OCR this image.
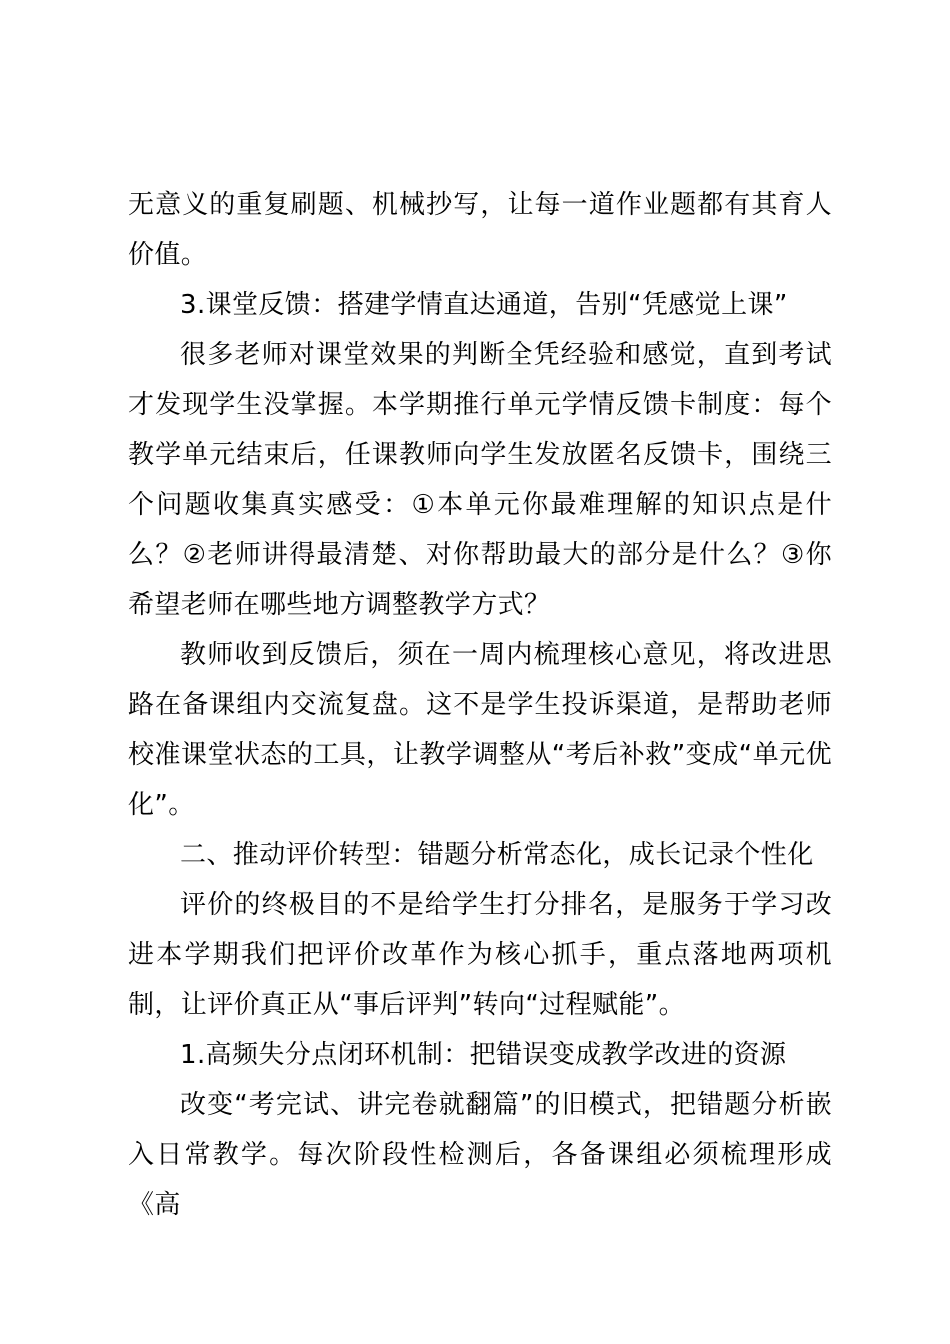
无意义的重复刷题、机械抄写，让每一道作业题都有其育人价值。

3.课堂反馈：搭建学情直达通道，告别“凭感觉上课”

很多老师对课堂效果的判断全凭经验和感觉，直到考试才发现学生没掌握。本学期推行单元学情反馈卡制度：每个教学单元结束后，任课教师向学生发放匿名反馈卡，围绕三个问题收集真实感受：①本单元你最难理解的知识点是什么？②老师讲得最清楚、对你帮助最大的部分是什么？③你希望老师在哪些地方调整教学方式？

教师收到反馈后，须在一周内梳理核心意见，将改进思路在备课组内交流复盘。这不是学生投诉渠道，是帮助老师校准课堂状态的工具，让教学调整从“考后补救”变成“单元优化”。

二、推动评价转型：错题分析常态化，成长记录个性化

评价的终极目的不是给学生打分排名，是服务于学习改进本学期我们把评价改革作为核心抓手，重点落地两项机制，让评价真正从“事后评判”转向“过程赋能”。

1.高频失分点闭环机制：把错误变成教学改进的资源

改变“考完试、讲完卷就翻篇”的旧模式，把错题分析嵌入日常教学。每次阶段性检测后，各备课组必须梳理形成《高
